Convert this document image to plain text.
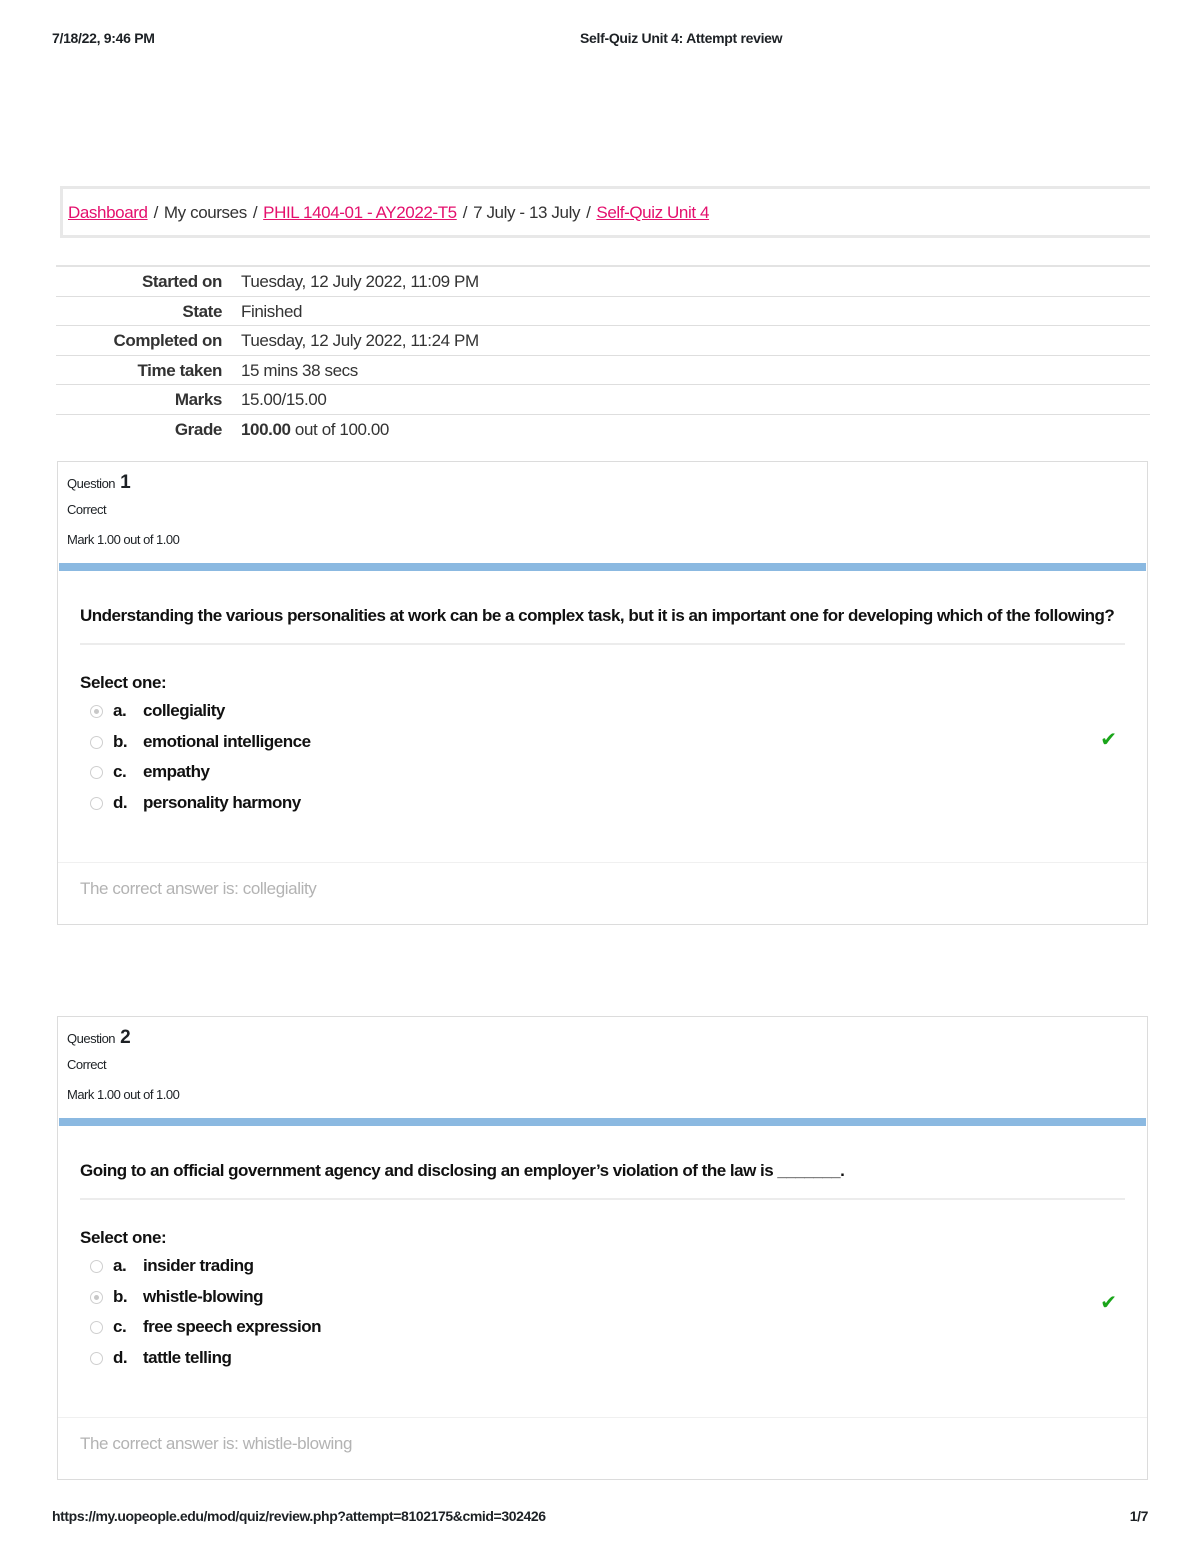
7/18/22, 9:46 PM	Self-Quiz Unit 4: Attempt review
Dashboard / My courses / PHIL 1404-01 - AY2022-T5 / 7 July - 13 July / Self-Quiz Unit 4
Started on Tuesday, 12 July 2022, 11:09 PM
State Finished
Completed on Tuesday, 12 July 2022, 11:24 PM
Time taken 15 mins 38 secs
Marks 15.00/15.00
Grade 100.00 out of 100.00
Question 1
Correct
Mark 1.00 out of 1.00
Understanding the various personalities at work can be a complex task, but it is an important one for developing which of the following?
Select one:
a. collegiality
b. emotional intelligence
c. empathy
d. personality harmony
✔
The correct answer is: collegiality
Question 2
Correct
Mark 1.00 out of 1.00
Going to an official government agency and disclosing an employer’s violation of the law is _______.
Select one:
a. insider trading
b. whistle-blowing
c. free speech expression
d. tattle telling
✔
The correct answer is: whistle-blowing
https://my.uopeople.edu/mod/quiz/review.php?attempt=8102175&cmid=302426	1/7
